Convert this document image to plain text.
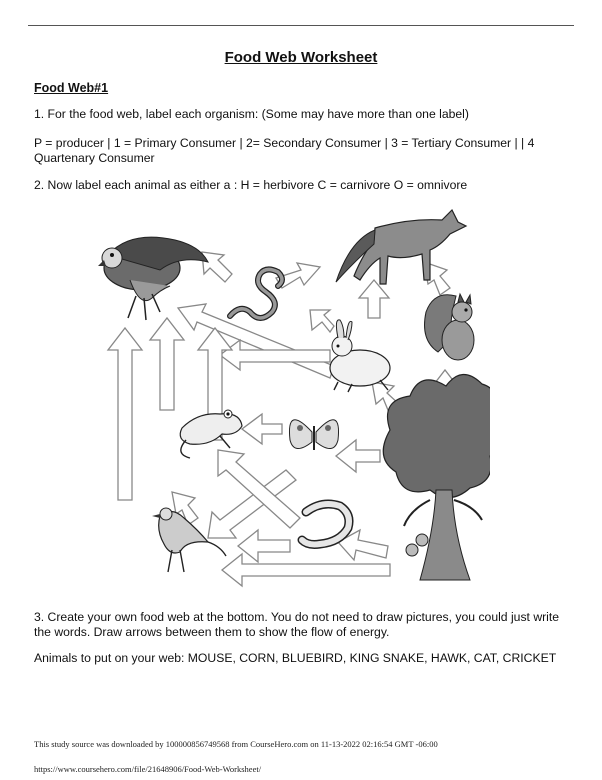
Food Web Worksheet
Food Web#1
1. For the food web, label each organism: (Some may have more than one label)
P = producer | 1 = Primary Consumer | 2= Secondary Consumer | 3 = Tertiary Consumer | | 4 Quartenary Consumer
2. Now label each animal as either a : H = herbivore C = carnivore O = omnivore
3. Create your own food web at the bottom. You do not need to draw pictures, you could just write the words. Draw arrows between them to show the flow of energy.
Animals to put on your web: MOUSE, CORN, BLUEBIRD, KING SNAKE, HAWK, CAT, CRICKET
This study source was downloaded by 100000856749568 from CourseHero.com on 11-13-2022 02:16:54 GMT -06:00
https://www.coursehero.com/file/21648906/Food-Web-Worksheet/
